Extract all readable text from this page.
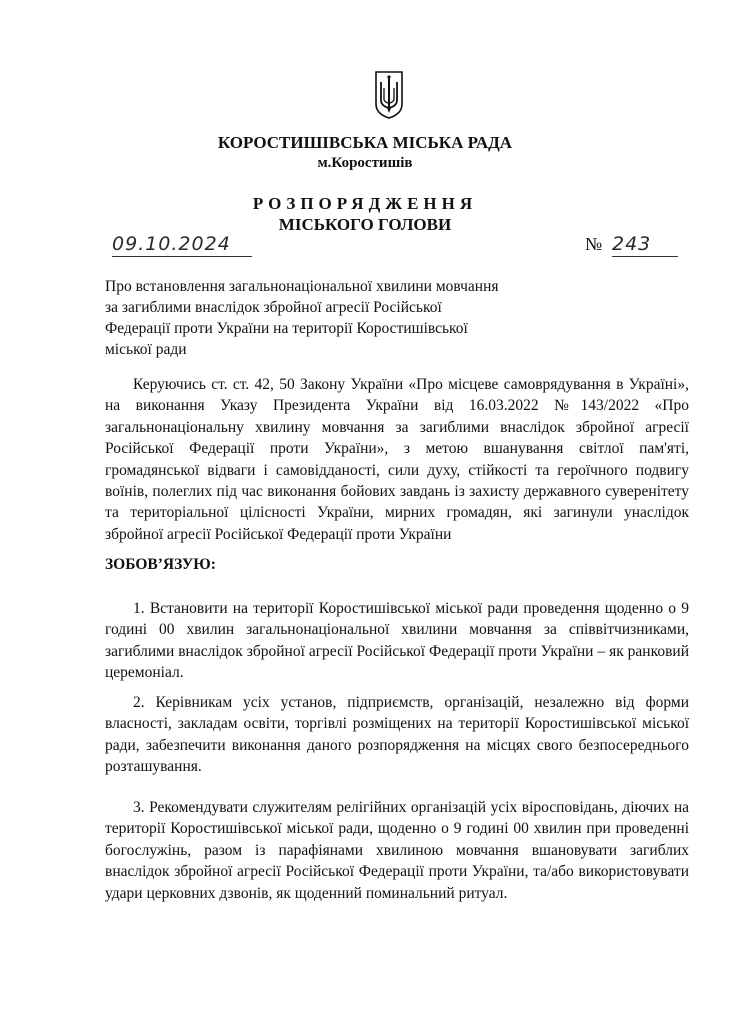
КОРОСТИШІВСЬКА МІСЬКА РАДА
м.Коростишів
РОЗПОРЯДЖЕННЯ
МІСЬКОГО ГОЛОВИ
09.10.2024	№ 243
Про встановлення загальнонаціональної хвилини мовчання за загиблими внаслідок збройної агресії Російської Федерації проти України на території Коростишівської міської ради
Керуючись ст. ст. 42, 50 Закону України «Про місцеве самоврядування в Україні», на виконання Указу Президента України від 16.03.2022 №143/2022 «Про загальнонаціональну хвилину мовчання за загиблими внаслідок збройної агресії Російської Федерації проти України», з метою вшанування світлої пам'яті, громадянської відваги і самовідданості, сили духу, стійкості та героїчного подвигу воїнів, полеглих під час виконання бойових завдань із захисту державного суверенітету та територіальної цілісності України, мирних громадян, які загинули унаслідок збройної агресії Російської Федерації проти України
ЗОБОВ’ЯЗУЮ:
1. Встановити на території Коростишівської міської ради проведення щоденно о 9 годині 00 хвилин загальнонаціональної хвилини мовчання за співвітчизниками, загиблими внаслідок збройної агресії Російської Федерації проти України – як ранковий церемоніал.
2. Керівникам усіх установ, підприємств, організацій, незалежно від форми власності, закладам освіти, торгівлі розміщених на території Коростишівської міської ради, забезпечити виконання даного розпорядження на місцях свого безпосереднього розташування.
3. Рекомендувати служителям релігійних організацій усіх віросповідань, діючих на території Коростишівської міської ради, щоденно о 9 годині 00 хвилин при проведенні богослужінь, разом із парафіянами хвилиною мовчання вшановувати загиблих внаслідок збройної агресії Російської Федерації проти України, та/або використовувати удари церковних дзвонів, як щоденний поминальний ритуал.
